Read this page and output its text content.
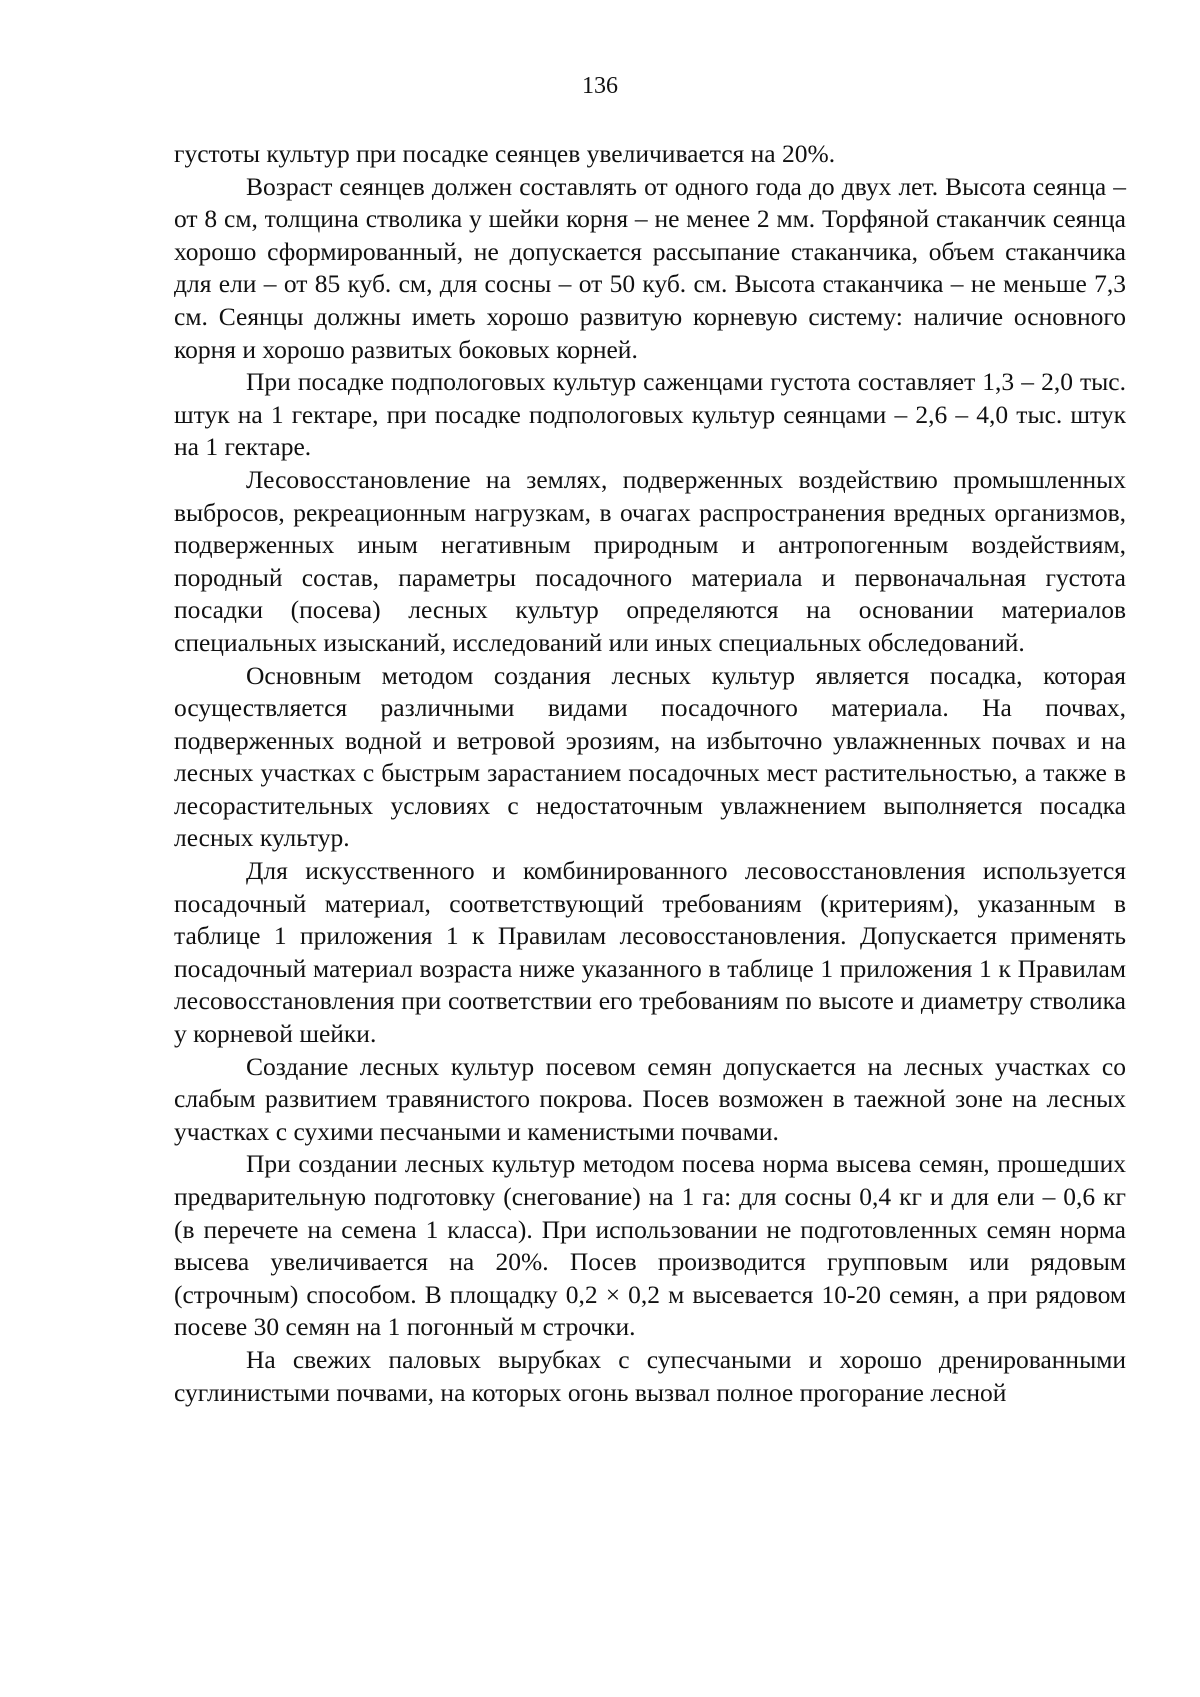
136

густоты культур при посадке сеянцев увеличивается на 20%.

Возраст сеянцев должен составлять от одного года до двух лет. Высота сеянца – от 8 см, толщина стволика у шейки корня – не менее 2 мм. Торфяной стаканчик сеянца хорошо сформированный, не допускается рассыпание стаканчика, объем стаканчика для ели – от 85 куб. см, для сосны – от 50 куб. см. Высота стаканчика – не меньше 7,3 см. Сеянцы должны иметь хорошо развитую корневую систему: наличие основного корня и хорошо развитых боковых корней.

При посадке подпологовых культур саженцами густота составляет 1,3 – 2,0 тыс. штук на 1 гектаре, при посадке подпологовых культур сеянцами – 2,6 – 4,0 тыс. штук на 1 гектаре.

Лесовосстановление на землях, подверженных воздействию промышленных выбросов, рекреационным нагрузкам, в очагах распространения вредных организмов, подверженных иным негативным природным и антропогенным воздействиям, породный состав, параметры посадочного материала и первоначальная густота посадки (посева) лесных культур определяются на основании материалов специальных изысканий, исследований или иных специальных обследований.

Основным методом создания лесных культур является посадка, которая осуществляется различными видами посадочного материала. На почвах, подверженных водной и ветровой эрозиям, на избыточно увлажненных почвах и на лесных участках с быстрым зарастанием посадочных мест растительностью, а также в лесорастительных условиях с недостаточным увлажнением выполняется посадка лесных культур.

Для искусственного и комбинированного лесовосстановления используется посадочный материал, соответствующий требованиям (критериям), указанным в таблице 1 приложения 1 к Правилам лесовосстановления. Допускается применять посадочный материал возраста ниже указанного в таблице 1 приложения 1 к Правилам лесовосстановления при соответствии его требованиям по высоте и диаметру стволика у корневой шейки.

Создание лесных культур посевом семян допускается на лесных участках со слабым развитием травянистого покрова. Посев возможен в таежной зоне на лесных участках с сухими песчаными и каменистыми почвами.

При создании лесных культур методом посева норма высева семян, прошедших предварительную подготовку (снегование) на 1 га: для сосны 0,4 кг и для ели – 0,6 кг (в перечете на семена 1 класса). При использовании не подготовленных семян норма высева увеличивается на 20%. Посев производится групповым или рядовым (строчным) способом. В площадку 0,2 × 0,2 м высевается 10-20 семян, а при рядовом посеве 30 семян на 1 погонный м строчки.

На свежих паловых вырубках с супесчаными и хорошо дренированными суглинистыми почвами, на которых огонь вызвал полное прогорание лесной
